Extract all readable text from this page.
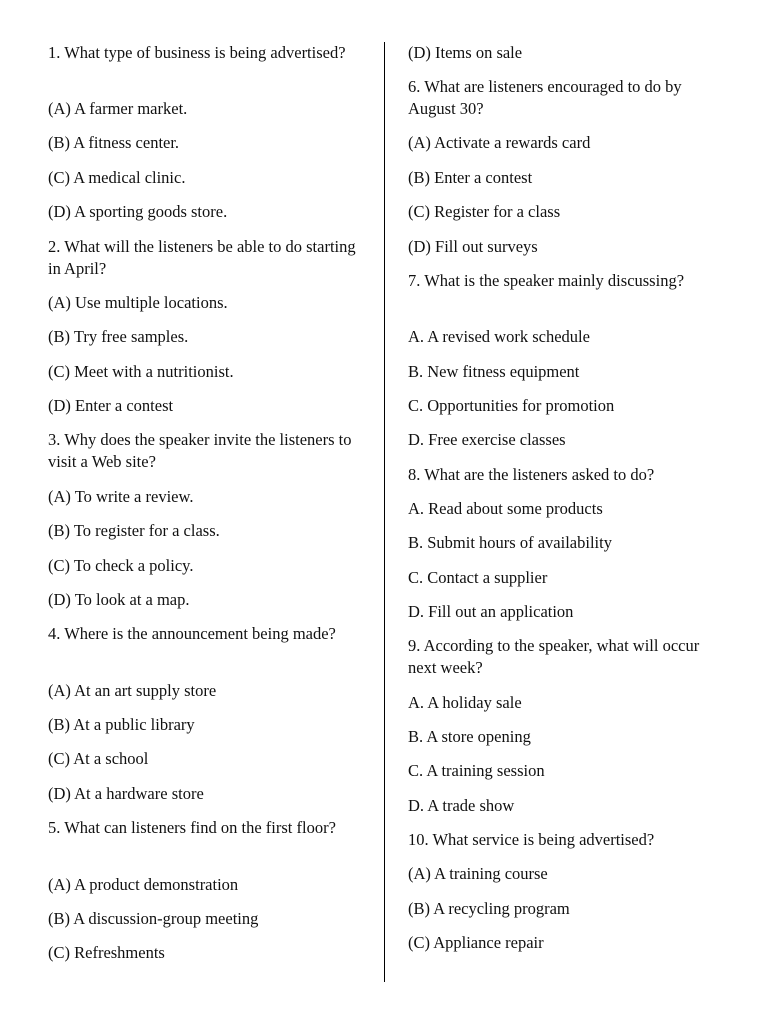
1. What type of business is being advertised?
(A) A farmer market.
(B) A fitness center.
(C) A medical clinic.
(D) A sporting goods store.
2. What will the listeners be able to do starting in April?
(A) Use multiple locations.
(B) Try free samples.
(C) Meet with a nutritionist.
(D) Enter a contest
3. Why does the speaker invite the listeners to visit a Web site?
(A) To write a review.
(B) To register for a class.
(C) To check a policy.
(D) To look at a map.
4. Where is the announcement being made?
(A) At an art supply store
(B) At a public library
(C) At a school
(D) At a hardware store
5. What can listeners find on the first floor?
(A) A product demonstration
(B) A discussion-group meeting
(C) Refreshments
(D) Items on sale
6. What are listeners encouraged to do by August 30?
(A) Activate a rewards card
(B) Enter a contest
(C) Register for a class
(D) Fill out surveys
7. What is the speaker mainly discussing?
A. A revised work schedule
B. New fitness equipment
C. Opportunities for promotion
D. Free exercise classes
8. What are the listeners asked to do?
A. Read about some products
B. Submit hours of availability
C. Contact a supplier
D. Fill out an application
9. According to the speaker, what will occur next week?
A. A holiday sale
B. A store opening
C. A training session
D. A trade show
10. What service is being advertised?
(A) A training course
(B) A recycling program
(C) Appliance repair
